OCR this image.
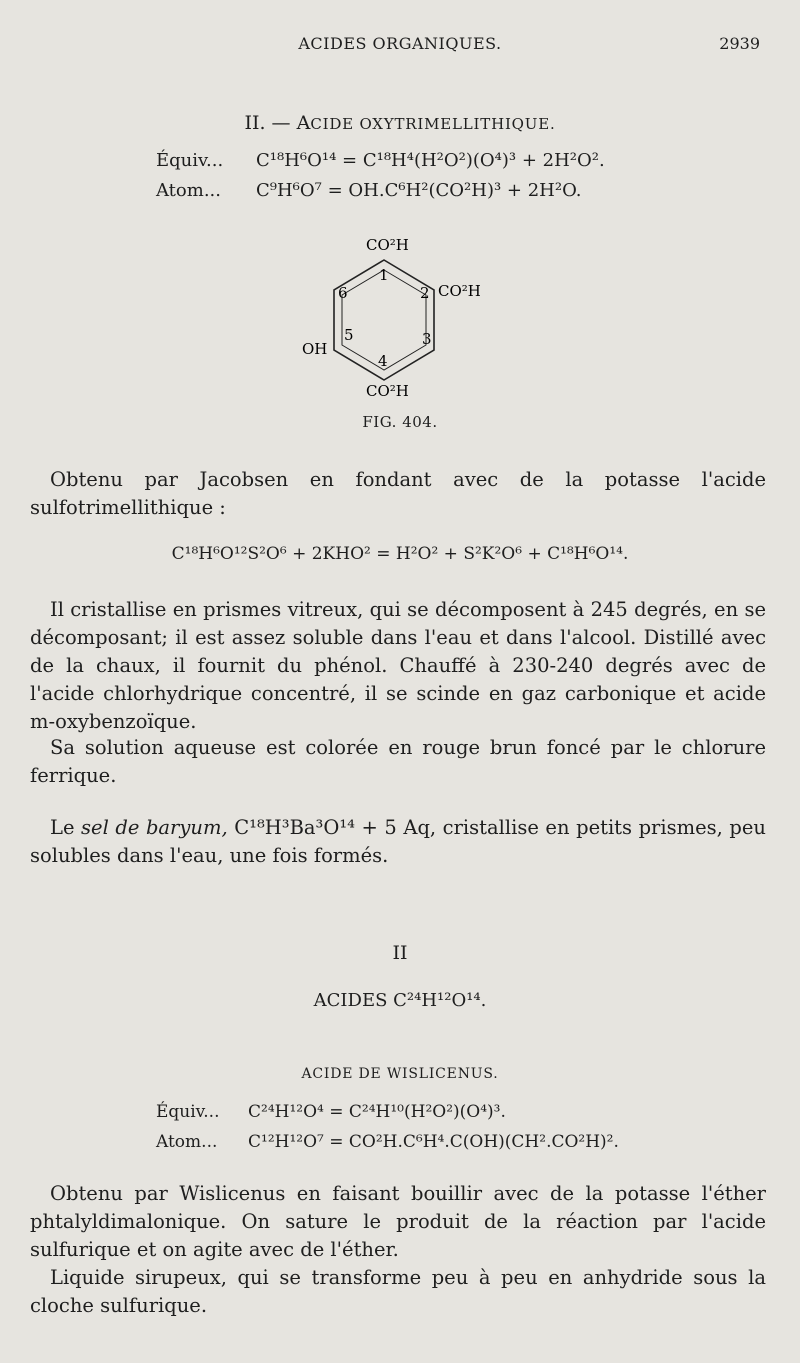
ACIDES ORGANIQUES.	2939
II. — ACIDE OXYTRIMELLITHIQUE.
Équiv...	C¹⁸H⁶O¹⁴ = C¹⁸H⁴(H²O²)(O⁴)³ + 2H²O².
Atom...	C⁹H⁶O⁷ = OH.C⁶H²(CO²H)³ + 2H²O.
CO²H
1
2 CO²H
6
5	3
4
OH
CO²H
FIG. 404.

Obtenu par Jacobsen en fondant avec de la potasse l'acide sulfotrimellithique :

C¹⁸H⁶O¹²S²O⁶ + 2KHO² = H²O² + S²K²O⁶ + C¹⁸H⁶O¹⁴.

Il cristallise en prismes vitreux, qui se décomposent à 245 degrés, en se décomposant; il est assez soluble dans l'eau et dans l'alcool. Distillé avec de la chaux, il fournit du phénol. Chauffé à 230-240 degrés avec de l'acide chlorhydrique concentré, il se scinde en gaz carbonique et acide m-oxybenzoïque.

Sa solution aqueuse est colorée en rouge brun foncé par le chlorure ferrique.

Le sel de baryum, C¹⁸H³Ba³O¹⁴ + 5 Aq, cristallise en petits prismes, peu solubles dans l'eau, une fois formés.

II
ACIDES C²⁴H¹²O¹⁴.
ACIDE DE WISLICENUS.
Équiv...	C²⁴H¹²O⁴ = C²⁴H¹⁰(H²O²)(O⁴)³.
Atom...	C¹²H¹²O⁷ = CO²H.C⁶H⁴.C(OH)(CH².CO²H)².

Obtenu par Wislicenus en faisant bouillir avec de la potasse l'éther phtalyldimalonique. On sature le produit de la réaction par l'acide sulfurique et on agite avec de l'éther.

Liquide sirupeux, qui se transforme peu à peu en anhydride sous la cloche sulfurique.
